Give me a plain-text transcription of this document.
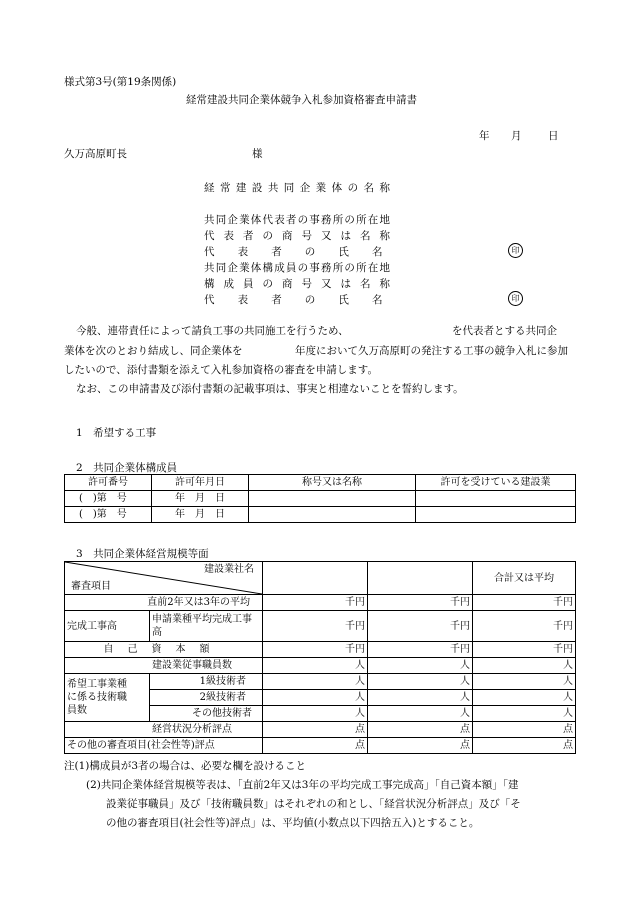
様式第3号(第19条関係)
経常建設共同企業体競争入札参加資格審査申請書
年 月	日
久万高原町長	様
経常建設共同企業体の名称
共同企業体代表者の事務所の所在地
代表者の商号又は名称
代表者の氏名	印
共同企業体構成員の事務所の所在地
構成員の商号又は名称
代表者の氏名	印
今般、連帯責任によって請負工事の共同施工を行うため、	を代表者とする共同企
業体を次のとおり結成し、同企業体を　　　　　年度において久万高原町の発注する工事の競争入札に参加したいので、添付書類を添えて入札参加資格の審査を申請します。
なお、この申請書及び添付書類の記載事項は、事実と相違ないことを誓約します。
1　希望する工事
2　共同企業体構成員
許可番号	許可年月日	称号又は名称	許可を受けている建設業
(　)第　号	年　月　日		
(　)第　号	年　月　日		
3　共同企業体経営規模等面
建設業社名
審査項目				合計又は平均
直前2年又は3年の平均		千円	千円	千円
完成工事高	申請業種平均完成工事高	千円	千円	千円
自己資本額		千円	千円	千円
建設業従事職員数		人	人	人
希望工事業種
に係る技術職
員数	1級技術者	人	人	人
	2級技術者	人	人	人
	その他技術者	人	人	人
経営状況分析評点		点	点	点
その他の審査項目(社会性等)評点		点	点	点
注(1)構成員が3者の場合は、必要な欄を設けること
(2)共同企業体経営規模等表は、「直前2年又は3年の平均完成工事完成高」「自己資本額」「建
設業従事職員」及び「技術職員数」はそれぞれの和とし、「経営状況分析評点」及び「そ
の他の審査項目(社会性等)評点」は、平均値(小数点以下四捨五入)とすること。
